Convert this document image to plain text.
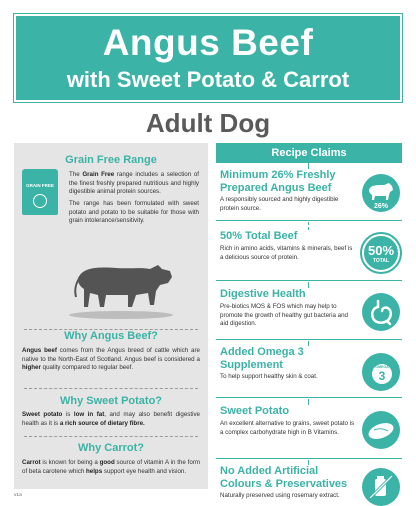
Angus Beef
with Sweet Potato & Carrot
Adult Dog
Grain Free Range
GRAIN FREE

The Grain Free range includes a selection of the finest freshly prepared nutritious and highly digestible animal protein sources.

The range has been formulated with sweet potato and potato to be suitable for those with grain intolerance/sensitivity.

Why Angus Beef?

Angus beef comes from the Angus breed of cattle which are native to the North-East of Scotland. Angus beef is considered a higher quality compared to regular beef.

Why Sweet Potato?

Sweet potato is low in fat, and may also benefit digestive health as it is a rich source of dietary fibre.

Why Carrot?

Carrot is known for being a good source of vitamin A in the form of beta carotene which helps support eye health and vision.

Recipe Claims
Minimum 26% Freshly Prepared Angus Beef
A responsibly sourced and highly digestible protein source.	26%
50% Total Beef
Rich in amino acids, vitamins & minerals, beef is a delicious source of protein.	50%
TOTAL
Digestive Health
Pre-biotics MOS & FOS which may help to promote the growth of healthy gut bacteria and aid digestion.
Added Omega 3 Supplement
To help support healthy skin & coat.
OMEGA
3
Sweet Potato
An excellent alternative to grains, sweet potato is a complex carbohydrate high in B Vitamins.
No Added Artificial Colours & Preservatives
Naturally preserved using rosemary extract.
v1a
